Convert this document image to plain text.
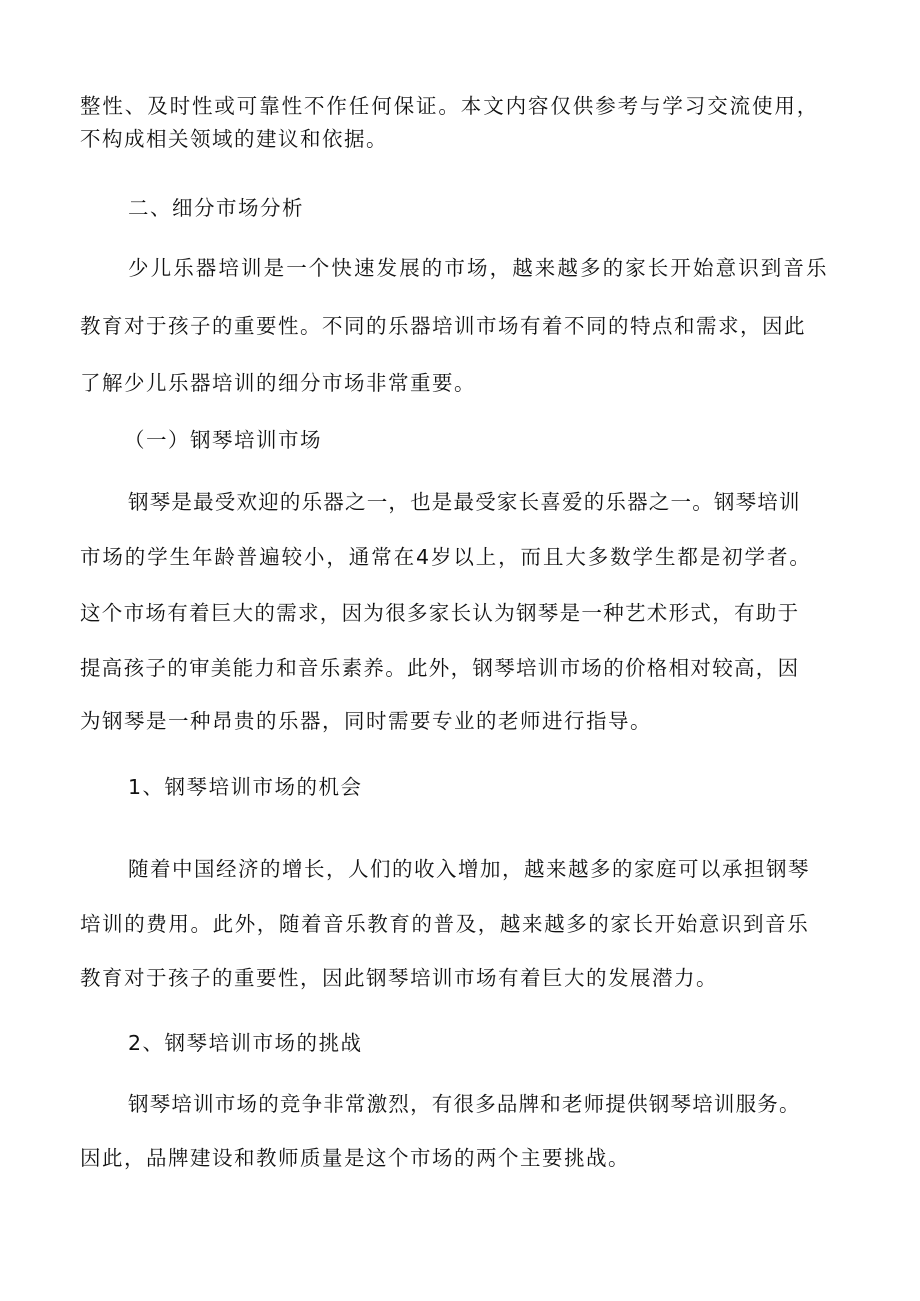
整性、及时性或可靠性不作任何保证。本文内容仅供参考与学习交流使用，
不构成相关领域的建议和依据。
二、细分市场分析
少儿乐器培训是一个快速发展的市场，越来越多的家长开始意识到音乐
教育对于孩子的重要性。不同的乐器培训市场有着不同的特点和需求，因此
了解少儿乐器培训的细分市场非常重要。
（一）钢琴培训市场
钢琴是最受欢迎的乐器之一，也是最受家长喜爱的乐器之一。钢琴培训
市场的学生年龄普遍较小，通常在4岁以上，而且大多数学生都是初学者。
这个市场有着巨大的需求，因为很多家长认为钢琴是一种艺术形式，有助于
提高孩子的审美能力和音乐素养。此外，钢琴培训市场的价格相对较高，因
为钢琴是一种昂贵的乐器，同时需要专业的老师进行指导。
1、钢琴培训市场的机会
随着中国经济的增长，人们的收入增加，越来越多的家庭可以承担钢琴
培训的费用。此外，随着音乐教育的普及，越来越多的家长开始意识到音乐
教育对于孩子的重要性，因此钢琴培训市场有着巨大的发展潜力。
2、钢琴培训市场的挑战
钢琴培训市场的竞争非常激烈，有很多品牌和老师提供钢琴培训服务。
因此，品牌建设和教师质量是这个市场的两个主要挑战。
